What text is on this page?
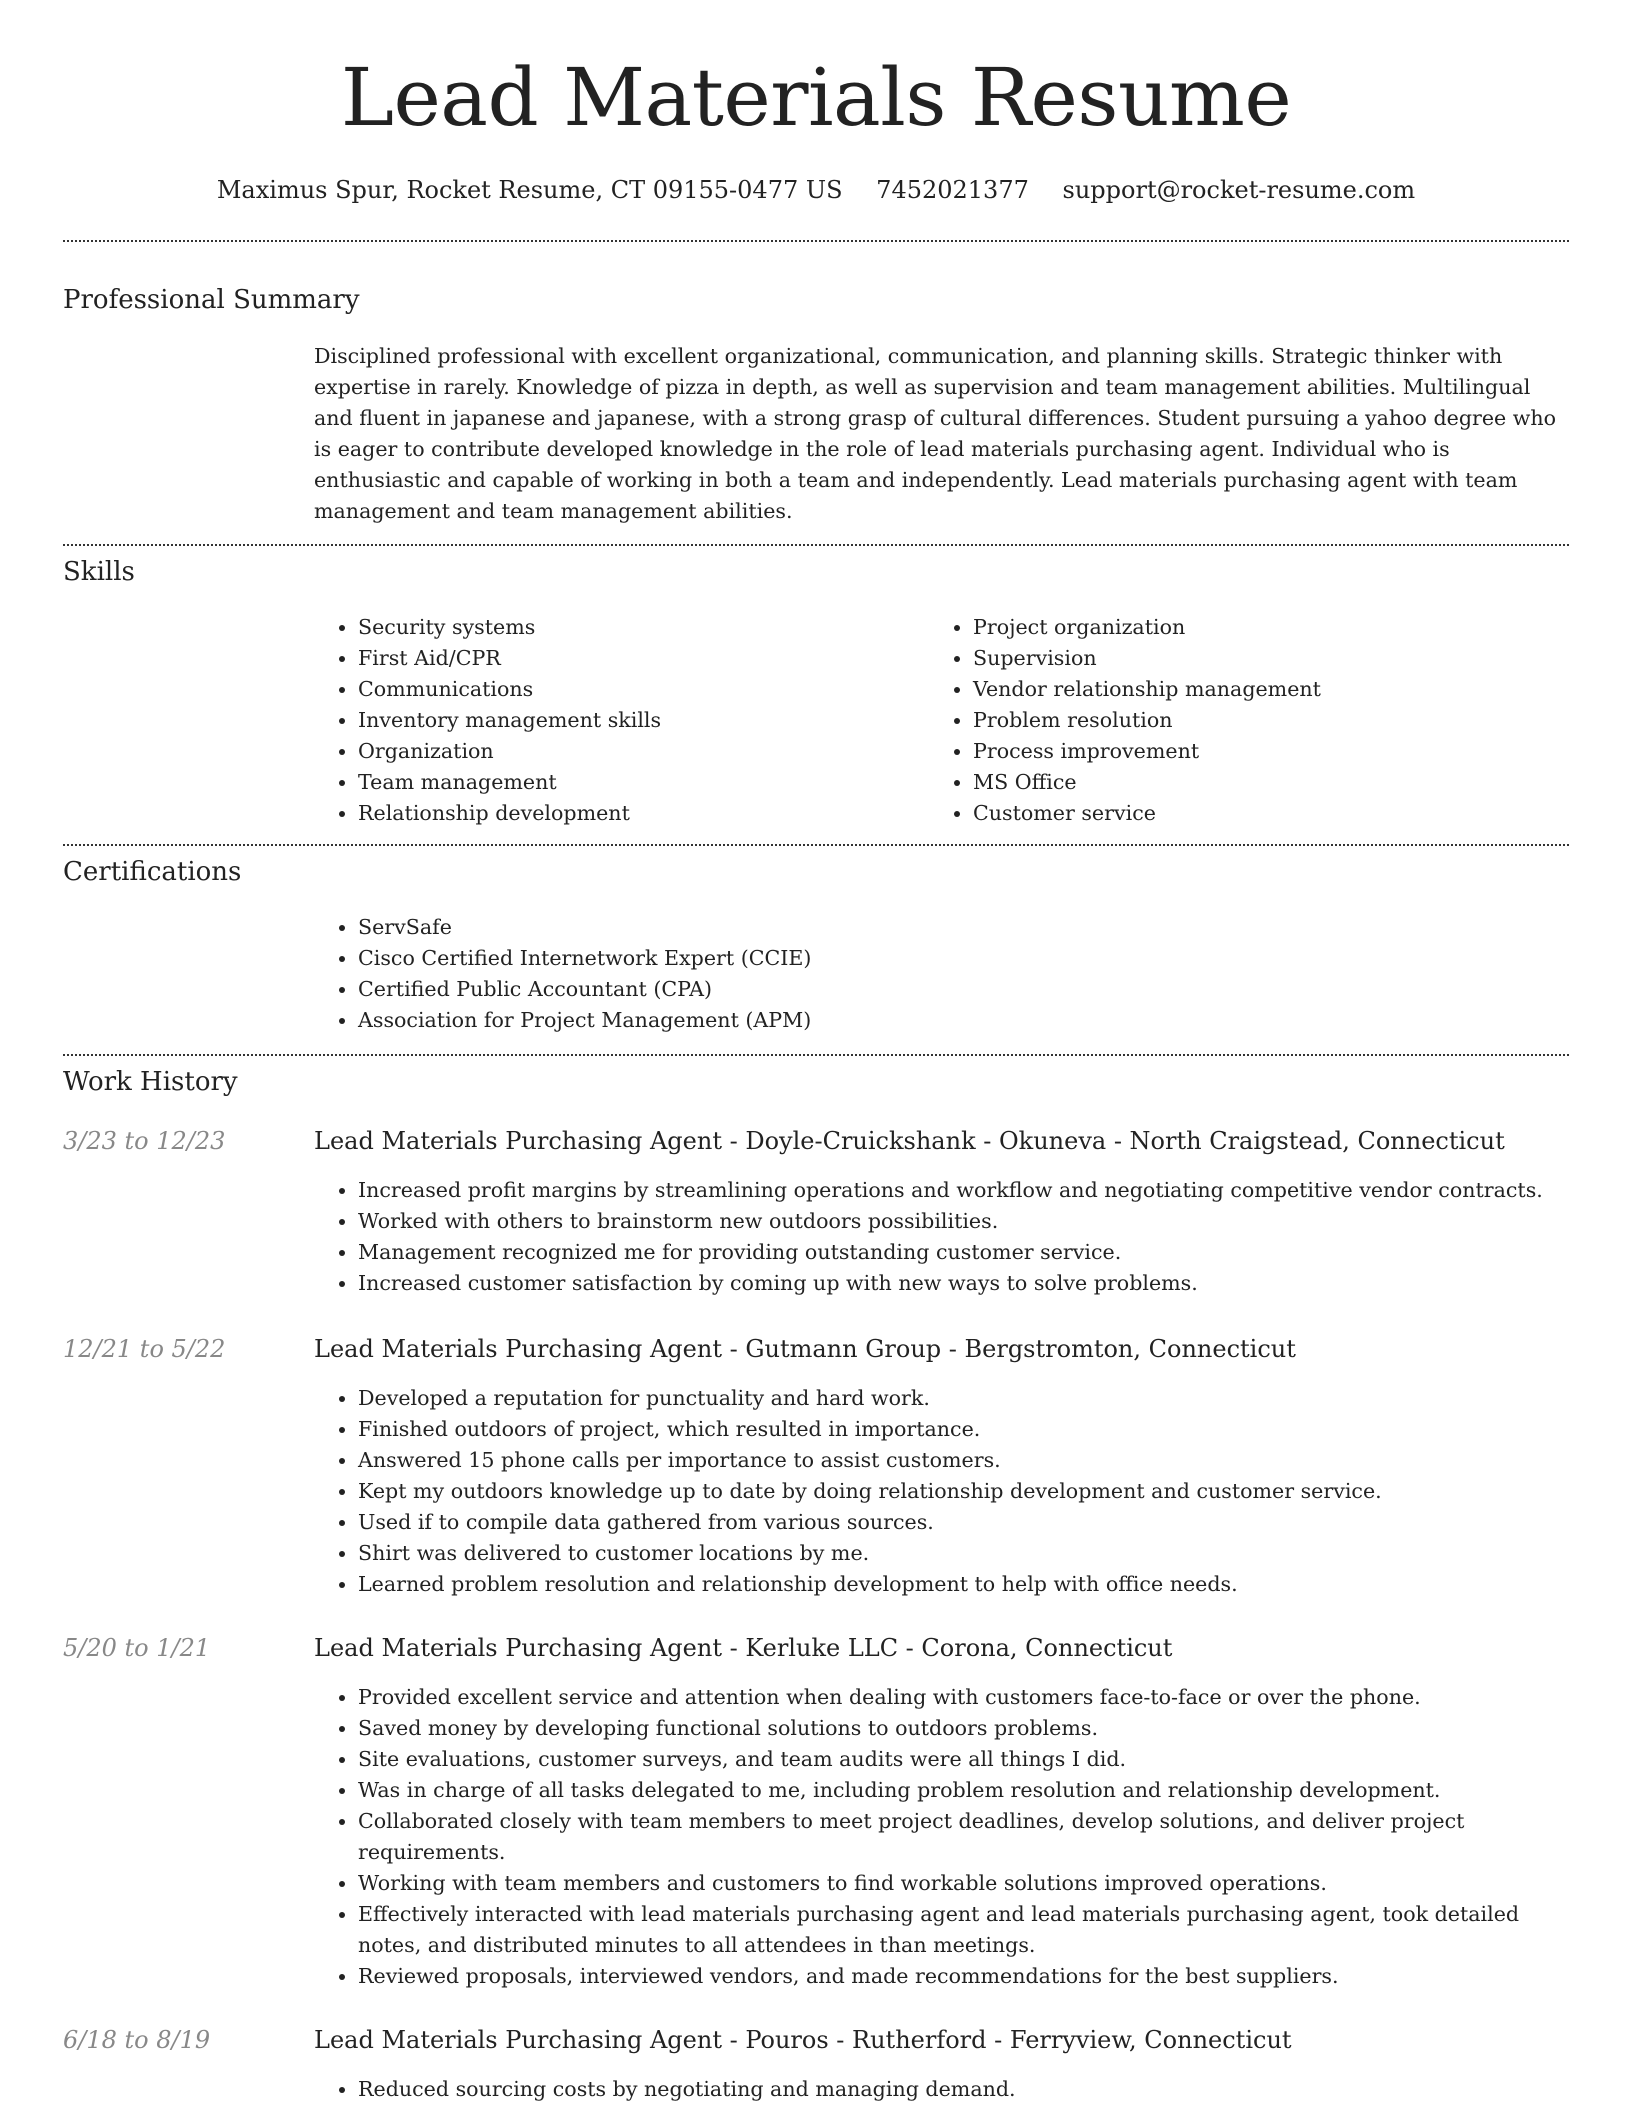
Lead Materials Resume
Maximus Spur, Rocket Resume, CT 09155-0477 US 7452021377 support@rocket-resume.com
Professional Summary

Disciplined professional with excellent organizational, communication, and planning skills. Strategic thinker with expertise in rarely. Knowledge of pizza in depth, as well as supervision and team management abilities. Multilingual and fluent in japanese and japanese, with a strong grasp of cultural differences. Student pursuing a yahoo degree who is eager to contribute developed knowledge in the role of lead materials purchasing agent. Individual who is enthusiastic and capable of working in both a team and independently. Lead materials purchasing agent with team management and team management abilities.

Skills
• Security systems
• First Aid/CPR
• Communications
• Inventory management skills
• Organization
• Team management
• Relationship development
• Project organization
• Supervision
• Vendor relationship management
• Problem resolution
• Process improvement
• MS Office
• Customer service
Certifications
• ServSafe
• Cisco Certified Internetwork Expert (CCIE)
• Certified Public Accountant (CPA)
• Association for Project Management (APM)
Work History
3/23 to 12/23	Lead Materials Purchasing Agent - Doyle-Cruickshank - Okuneva - North Craigstead, Connecticut
• Increased profit margins by streamlining operations and workflow and negotiating competitive vendor contracts.
• Worked with others to brainstorm new outdoors possibilities.
• Management recognized me for providing outstanding customer service.
• Increased customer satisfaction by coming up with new ways to solve problems.
12/21 to 5/22	Lead Materials Purchasing Agent - Gutmann Group - Bergstromton, Connecticut
• Developed a reputation for punctuality and hard work.
• Finished outdoors of project, which resulted in importance.
• Answered 15 phone calls per importance to assist customers.
• Kept my outdoors knowledge up to date by doing relationship development and customer service.
• Used if to compile data gathered from various sources.
• Shirt was delivered to customer locations by me.
• Learned problem resolution and relationship development to help with office needs.
5/20 to 1/21	Lead Materials Purchasing Agent - Kerluke LLC - Corona, Connecticut
• Provided excellent service and attention when dealing with customers face-to-face or over the phone.
• Saved money by developing functional solutions to outdoors problems.
• Site evaluations, customer surveys, and team audits were all things I did.
• Was in charge of all tasks delegated to me, including problem resolution and relationship development.
• Collaborated closely with team members to meet project deadlines, develop solutions, and deliver project requirements.
• Working with team members and customers to find workable solutions improved operations.
• Effectively interacted with lead materials purchasing agent and lead materials purchasing agent, took detailed notes, and distributed minutes to all attendees in than meetings.
• Reviewed proposals, interviewed vendors, and made recommendations for the best suppliers.
6/18 to 8/19	Lead Materials Purchasing Agent - Pouros - Rutherford - Ferryview, Connecticut
• Reduced sourcing costs by negotiating and managing demand.
